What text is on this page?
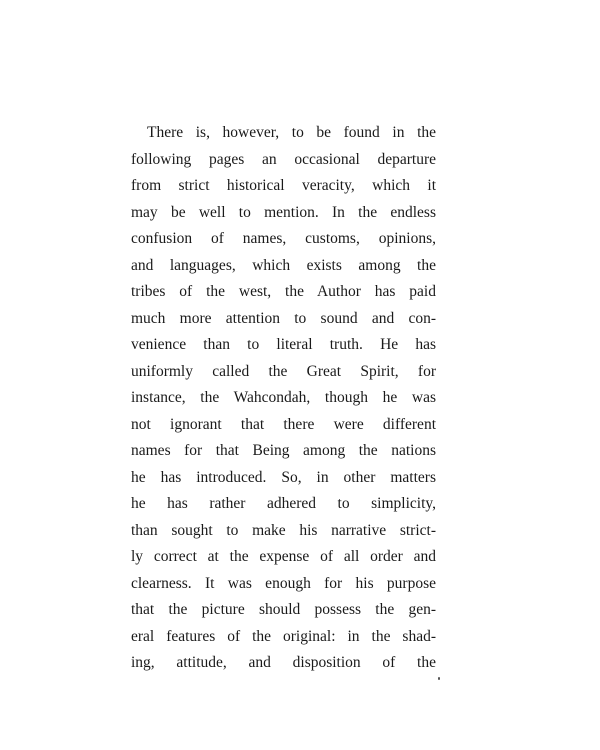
There is, however, to be found in the
following pages an occasional departure
from strict historical veracity, which it
may be well to mention. In the endless
confusion of names, customs, opinions,
and languages, which exists among the
tribes of the west, the Author has paid
much more attention to sound and con-
venience than to literal truth. He has
uniformly called the Great Spirit, for
instance, the Wahcondah, though he was
not ignorant that there were different
names for that Being among the nations
he has introduced. So, in other matters
he has rather adhered to simplicity,
than sought to make his narrative strict-
ly correct at the expense of all order and
clearness. It was enough for his purpose
that the picture should possess the gen-
eral features of the original: in the shad-
ing, attitude, and disposition of the
